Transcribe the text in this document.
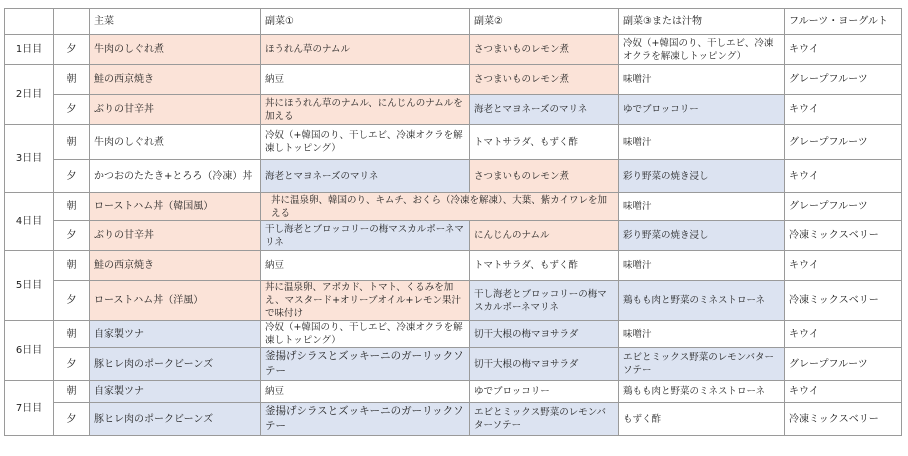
		主菜	副菜①	副菜②	副菜③または汁物	フルーツ・ヨーグルト
1日目	夕	牛肉のしぐれ煮	ほうれん草のナムル	さつまいものレモン煮	冷奴（+韓国のり、干しエビ、冷凍オクラを解凍しトッピング）	キウイ
2日目	朝	鮭の西京焼き	納豆	さつまいものレモン煮	味噌汁	グレープフルーツ
	夕	ぶりの甘辛丼	丼にほうれん草のナムル、にんじんのナムルを加える	海老とマヨネーズのマリネ	ゆでブロッコリー	キウイ
3日目	朝	牛肉のしぐれ煮	冷奴（+韓国のり、干しエビ、冷凍オクラを解凍しトッピング）	トマトサラダ、もずく酢	味噌汁	グレープフルーツ
	夕	かつおのたたき+とろろ（冷凍）丼	海老とマヨネーズのマリネ	さつまいものレモン煮	彩り野菜の焼き浸し	キウイ
4日目	朝	ローストハム丼（韓国風）	丼に温泉卵、韓国のり、キムチ、おくら（冷凍を解凍）、大葉、紫カイワレを加える		味噌汁	グレープフルーツ
	夕	ぶりの甘辛丼	干し海老とブロッコリーの梅マスカルポーネマリネ	にんじんのナムル	彩り野菜の焼き浸し	冷凍ミックスベリー
5日目	朝	鮭の西京焼き	納豆	トマトサラダ、もずく酢	味噌汁	キウイ
	夕	ローストハム丼（洋風）	丼に温泉卵、アボカド、トマト、くるみを加え、マスタード+オリーブオイル+レモン果汁で味付け	干し海老とブロッコリーの梅マスカルポーネマリネ	鶏もも肉と野菜のミネストローネ	冷凍ミックスベリー
6日目	朝	自家製ツナ	冷奴（+韓国のり、干しエビ、冷凍オクラを解凍しトッピング）	切干大根の梅マヨサラダ	味噌汁	キウイ
	夕	豚ヒレ肉のポークビーンズ	釜揚げシラスとズッキーニのガーリックソテー	切干大根の梅マヨサラダ	エビとミックス野菜のレモンバターソテー	グレープフルーツ
7日目	朝	自家製ツナ	納豆	ゆでブロッコリー	鶏もも肉と野菜のミネストローネ	キウイ
	夕	豚ヒレ肉のポークビーンズ	釜揚げシラスとズッキーニのガーリックソテー	エビとミックス野菜のレモンバターソテー	もずく酢	冷凍ミックスベリー
